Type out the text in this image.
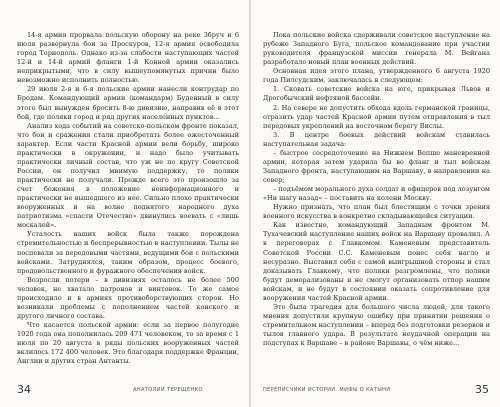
14-я армия прорвала польскую оборону на реке Збруч и 6 июля развернула бои за Проскуров, 12-я армия освободила город Тернополь. Однако из-за слабости наступающих частей 12-й и 14-й армий фланги 1-й Конной армии оказались неприкрытыми, что в силу вышеупомянутых причин было невозможно исполнить полностью.

29 июля 2-я и 6-я польские армии нанесли контрудар по Бродам. Командующий армии (командарм) Буденный в силу этого был вынужден бросить 8-ю дивизию, направив её в этот бой, где поляки город и ряд других населенных пунктов...

Анализ хода событий на советско-польском фронте показал, что бои и сражения стали приобретать более ожесточенный характер. Если части Красной армии вели борьбу, широко практически в окружении, и надо было учитывать практически личный состав, что уж не по кругу Советской России, он получил мнимую поддержку, то поляки практически не получали. Прежде всего это произошло за счет бежения в положение неинформационного и практически не вышедшего из нее. Сильно плохо практически вооруженных и на волне поднятого народного духа патриотизма «спасти Отечество» двинулись воевать с «лишь москалей».

Усталость наших войск была также порождена стремительностью и беспрерывностью в наступлении. Тылы не поспевали за передовыми частями, ведущими бои с польскими войсками. Затруднялся, таким образом, процесс боевого, продовольственного и фуражного обеспечения войск.

Возросли потери – в дивизиях осталось не более 500 человек, не хватало патронов и винтовок. То же самое происходило и в армиях противоборствующих сторон. Но возникали проблемы с пополнением частей конского и другого личного состава.

Что касается польской армии: если за первое полугодие 1920 года она пополнилась 209 471 человеком, то за время с 1 июля по 20 августа в ряды польских вооруженных частей вклилось 172 400 человек. Это благодаря поддержке Франции, Англии и других стран Антанты.

34	АНАТОЛИЙ ТЕРЕЩЕНКО

Пока польские войска сдерживали советское наступление на рубеже Западного Буга, польское командование при участии руководителя французской миссии генерала М. Вейгана разработало новый план военных действий.

Основная идея этого плана, утвержденного 6 августа 1920 года Пилсудским, заключалась в следующем:

1. Сковать советские войска на юге, прикрывая Львов и Дрогобычский нефтяной бассейн.

2. На севере не допустить обхода вдоль германской границы, отразить удар частей Красной армии путем отправления в тыл передовых укреплений на восточном берегу Вислы.

3. В центре боевых действий войскам ставилась наступательная задача:

– быстрое сосредоточение на Нижнем Вепше маневренной армии, которая затем ударила бы во фланг и тыл войскам Западного фронта, наступающим на Варшаву, в направлении на север;

– подъёмом морального духа солдат и офицеров под лозунгом «Ни шагу назад» – поставить на колени Москву.

Нужно признать, что план был блестящим с точки зрения военного искусства в конкретно складывающейся ситуации.

Как известно, командующий Западным фронтом М. Тухачевский наступление наших войск на Варшаву провалил. А в переговорах с Главкомом Каменевым представитель Советской России С.С. Каменевым понес себя нагло и несуразно. Выставил себя с самой выигрышной стороны и стал доказывать Главкому, что поляки разгромлены, что поляки будут деморализованы и не смогут организовать отпор нашим войскам, и не будут в состоянии оказать сопротивление для вооружения частей Красной армии.

Это была трагедия для большого числа людей, для такого мнения допустили крупную ошибку при принятии решения о стремительном наступлении – вперед без подготовки резервов и тылов главного удара. В результате неудачной операции на подступах к Варшаве – в районе Варшавы, о чём ниже...

ПЕРЕПИСЧИКИ ИСТОРИИ. МИФЫ О КАТЫНИ	35
